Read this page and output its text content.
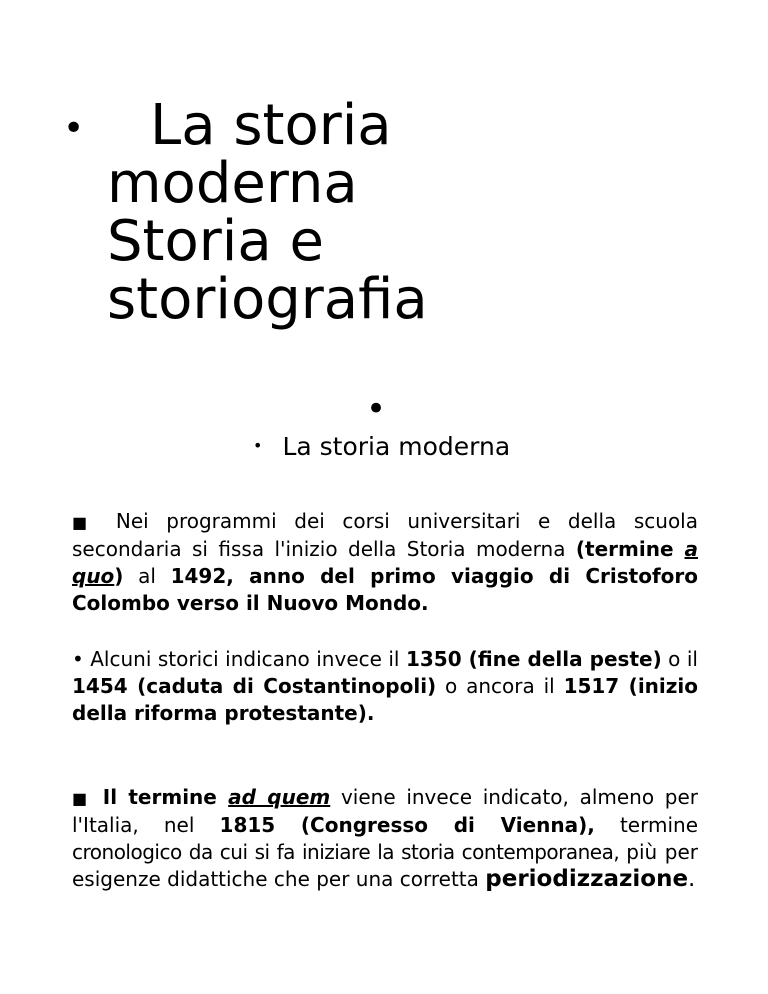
•	La storia
moderna
Storia e
storiografia
•
• La storia moderna
■ Nei programmi dei corsi universitari e della scuola secondaria si fissa l'inizio della Storia moderna (termine a quo) al 1492, anno del primo viaggio di Cristoforo Colombo verso il Nuovo Mondo.
• Alcuni storici indicano invece il 1350 (fine della peste) o il 1454 (caduta di Costantinopoli) o ancora il 1517 (inizio della riforma protestante).
■ Il termine ad quem viene invece indicato, almeno per l'Italia, nel 1815 (Congresso di Vienna), termine cronologico da cui si fa iniziare la storia contemporanea, più per esigenze didattiche che per una corretta periodizzazione.
